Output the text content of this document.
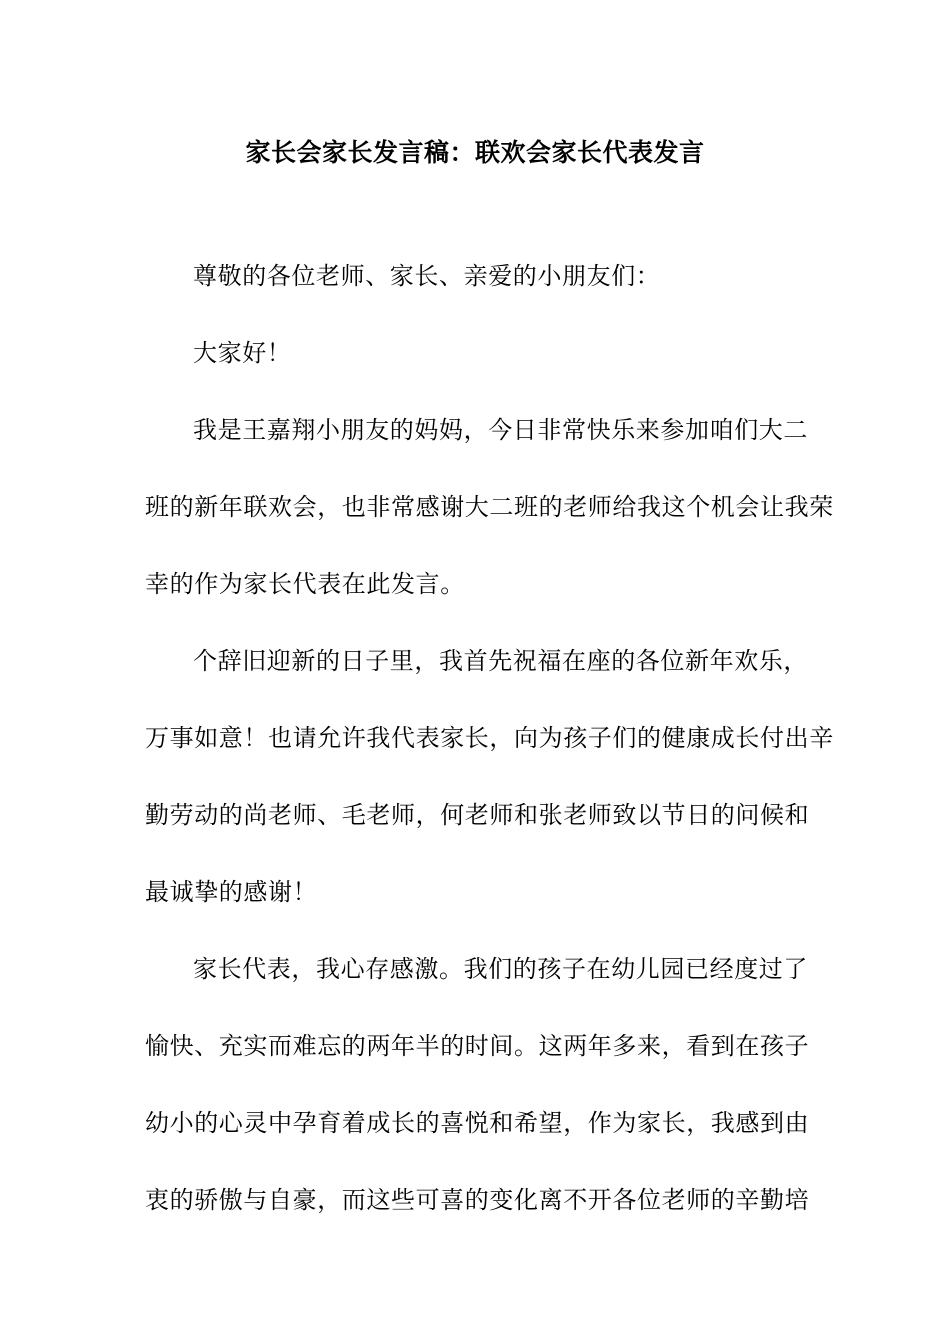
家长会家长发言稿：联欢会家长代表发言

尊敬的各位老师、家长、亲爱的小朋友们：

大家好！

我是王嘉翔小朋友的妈妈，今日非常快乐来参加咱们大二
班的新年联欢会，也非常感谢大二班的老师给我这个机会让我荣
幸的作为家长代表在此发言。

个辞旧迎新的日子里，我首先祝福在座的各位新年欢乐，
万事如意！也请允许我代表家长，向为孩子们的健康成长付出辛
勤劳动的尚老师、毛老师，何老师和张老师致以节日的问候和
最诚挚的感谢！

家长代表，我心存感激。我们的孩子在幼儿园已经度过了
愉快、充实而难忘的两年半的时间。这两年多来，看到在孩子
幼小的心灵中孕育着成长的喜悦和希望，作为家长，我感到由
衷的骄傲与自豪，而这些可喜的变化离不开各位老师的辛勤培
